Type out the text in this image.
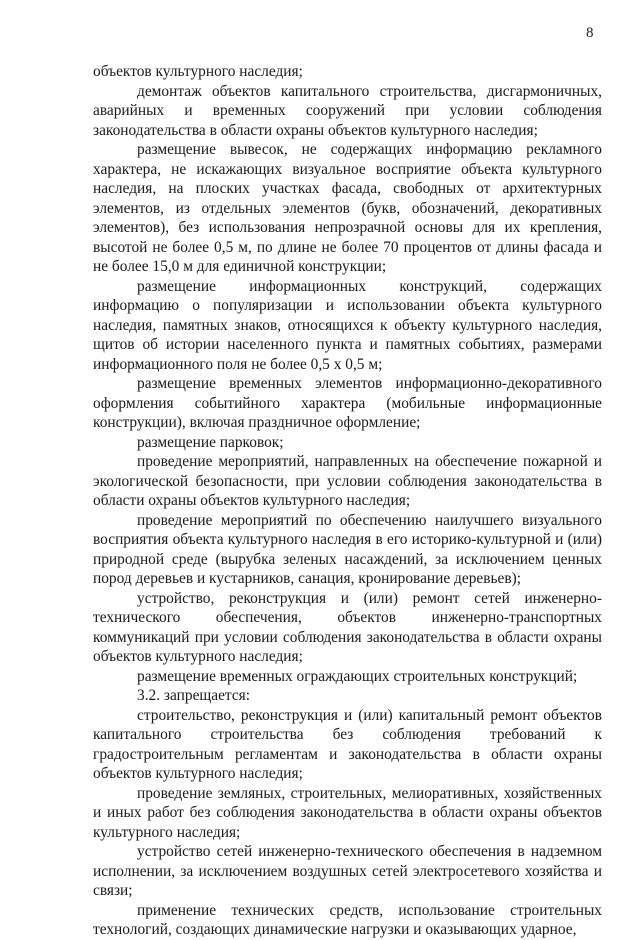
8

объектов культурного наследия;

демонтаж объектов капитального строительства, дисгармоничных, аварийных и временных сооружений при условии соблюдения законодательства в области охраны объектов культурного наследия;

размещение вывесок, не содержащих информацию рекламного характера, не искажающих визуальное восприятие объекта культурного наследия, на плоских участках фасада, свободных от архитектурных элементов, из отдельных элементов (букв, обозначений, декоративных элементов), без использования непрозрачной основы для их крепления, высотой не более 0,5 м, по длине не более 70 процентов от длины фасада и не более 15,0 м для единичной конструкции;

размещение информационных конструкций, содержащих информацию о популяризации и использовании объекта культурного наследия, памятных знаков, относящихся к объекту культурного наследия, щитов об истории населенного пункта и памятных событиях, размерами информационного поля не более 0,5 х 0,5 м;

размещение временных элементов информационно-декоративного оформления событийного характера (мобильные информационные конструкции), включая праздничное оформление;

размещение парковок;

проведение мероприятий, направленных на обеспечение пожарной и экологической безопасности, при условии соблюдения законодательства в области охраны объектов культурного наследия;

проведение мероприятий по обеспечению наилучшего визуального восприятия объекта культурного наследия в его историко-культурной и (или) природной среде (вырубка зеленых насаждений, за исключением ценных пород деревьев и кустарников, санация, кронирование деревьев);

устройство, реконструкция и (или) ремонт сетей инженерно-технического обеспечения, объектов инженерно-транспортных коммуникаций при условии соблюдения законодательства в области охраны объектов культурного наследия;

размещение временных ограждающих строительных конструкций;

3.2. запрещается:

строительство, реконструкция и (или) капитальный ремонт объектов капитального строительства без соблюдения требований к градостроительным регламентам и законодательства в области охраны объектов культурного наследия;

проведение земляных, строительных, мелиоративных, хозяйственных и иных работ без соблюдения законодательства в области охраны объектов культурного наследия;

устройство сетей инженерно-технического обеспечения в надземном исполнении, за исключением воздушных сетей электросетевого хозяйства и связи;

применение технических средств, использование строительных технологий, создающих динамические нагрузки и оказывающих ударное,
